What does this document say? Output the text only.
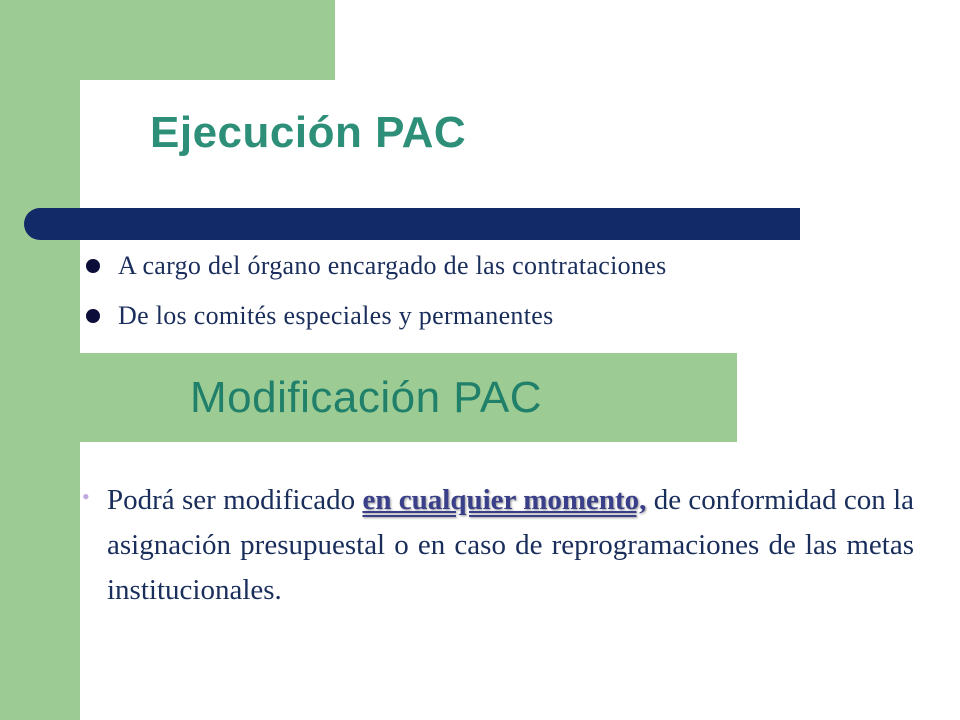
Ejecución PAC
A cargo del órgano encargado de las contrataciones
De los comités especiales y permanentes
Modificación PAC
• Podrá ser modificado en cualquier momento, de conformidad con la asignación presupuestal o en caso de reprogramaciones de las metas institucionales.
